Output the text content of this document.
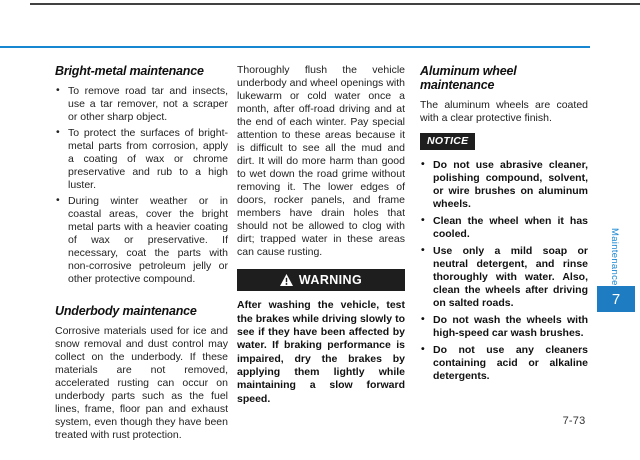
Bright-metal maintenance
• To remove road tar and insects, use a tar remover, not a scraper or other sharp object.
• To protect the surfaces of bright-metal parts from corrosion, apply a coating of wax or chrome preservative and rub to a high luster.
• During winter weather or in coastal areas, cover the bright metal parts with a heavier coating of wax or preservative. If necessary, coat the parts with non-corrosive petroleum jelly or other protective compound.
Underbody maintenance

Corrosive materials used for ice and snow removal and dust control may collect on the underbody. If these materials are not removed, accelerated rusting can occur on underbody parts such as the fuel lines, frame, floor pan and exhaust system, even though they have been treated with rust protection.

Thoroughly flush the vehicle underbody and wheel openings with lukewarm or cold water once a month, after off-road driving and at the end of each winter. Pay special attention to these areas because it is difficult to see all the mud and dirt. It will do more harm than good to wet down the road grime without removing it. The lower edges of doors, rocker panels, and frame members have drain holes that should not be allowed to clog with dirt; trapped water in these areas can cause rusting.

WARNING

After washing the vehicle, test the brakes while driving slowly to see if they have been affected by water. If braking performance is impaired, dry the brakes by applying them lightly while maintaining a slow forward speed.

Aluminum wheel maintenance

The aluminum wheels are coated with a clear protective finish.

NOTICE
• Do not use abrasive cleaner, polishing compound, solvent, or wire brushes on aluminum wheels.
• Clean the wheel when it has cooled.
• Use only a mild soap or neutral detergent, and rinse thoroughly with water. Also, clean the wheels after driving on salted roads.
• Do not wash the wheels with high-speed car wash brushes.
• Do not use any cleaners containing acid or alkaline detergents.
Maintenance
7
7-73
